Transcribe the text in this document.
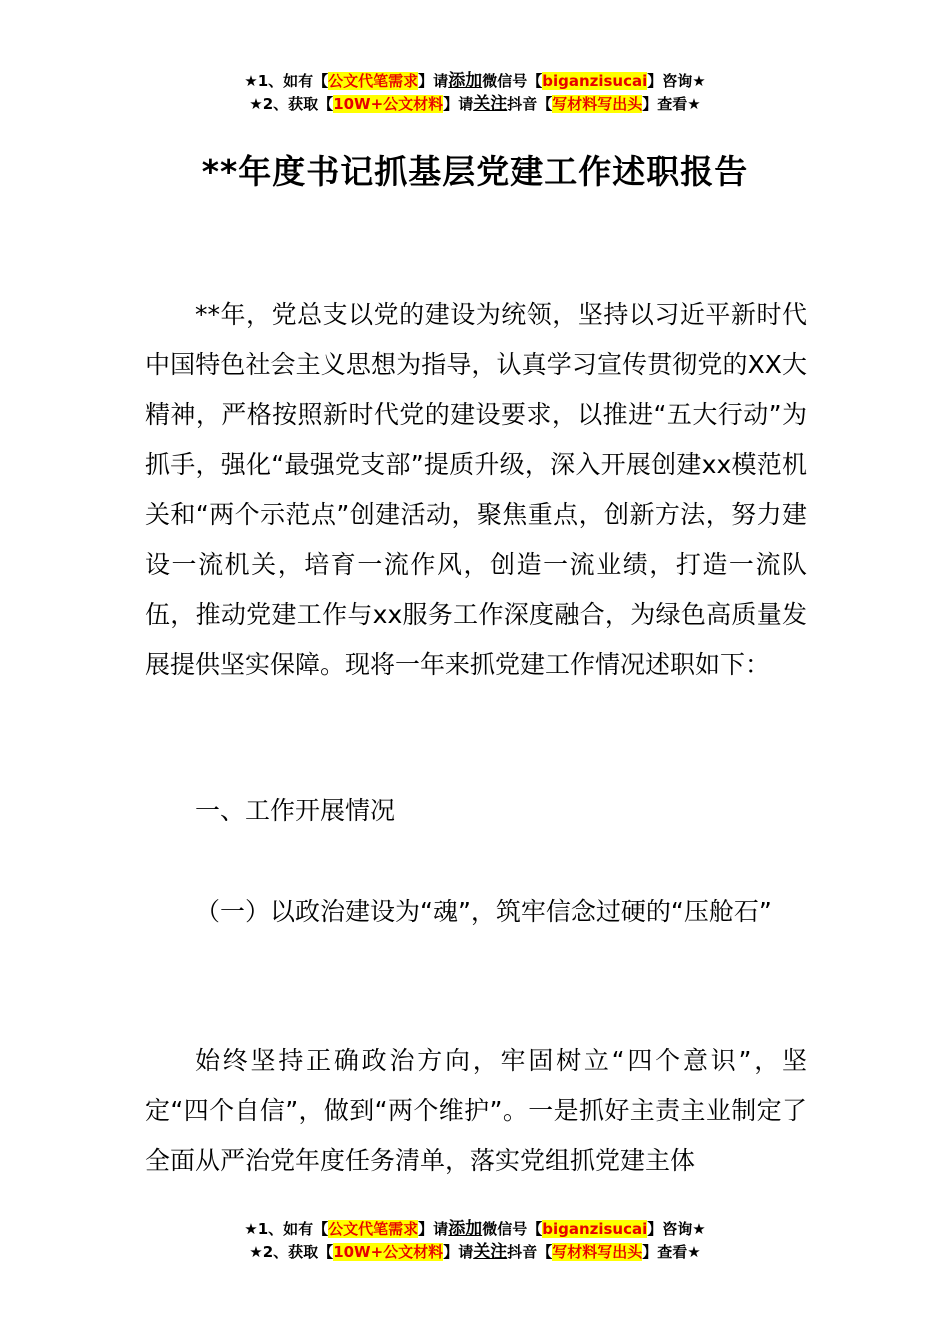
★1、如有【公文代笔需求】请添加微信号【biganzisucai】咨询★
★2、获取【10W+公文材料】请关注抖音【写材料写出头】查看★
**年度书记抓基层党建工作述职报告

**年，党总支以党的建设为统领，坚持以习近平新时代中国特色社会主义思想为指导，认真学习宣传贯彻党的XX大精神，严格按照新时代党的建设要求，以推进“五大行动”为抓手，强化“最强党支部”提质升级，深入开展创建xx模范机关和“两个示范点”创建活动，聚焦重点，创新方法，努力建设一流机关，培育一流作风，创造一流业绩，打造一流队伍，推动党建工作与xx服务工作深度融合，为绿色高质量发展提供坚实保障。现将一年来抓党建工作情况述职如下：

一、工作开展情况

（一）以政治建设为“魂”，筑牢信念过硬的“压舱石”

始终坚持正确政治方向，牢固树立“四个意识”，坚定“四个自信”，做到“两个维护”。一是抓好主责主业制定了全面从严治党年度任务清单，落实党组抓党建主体

★1、如有【公文代笔需求】请添加微信号【biganzisucai】咨询★
★2、获取【10W+公文材料】请关注抖音【写材料写出头】查看★
